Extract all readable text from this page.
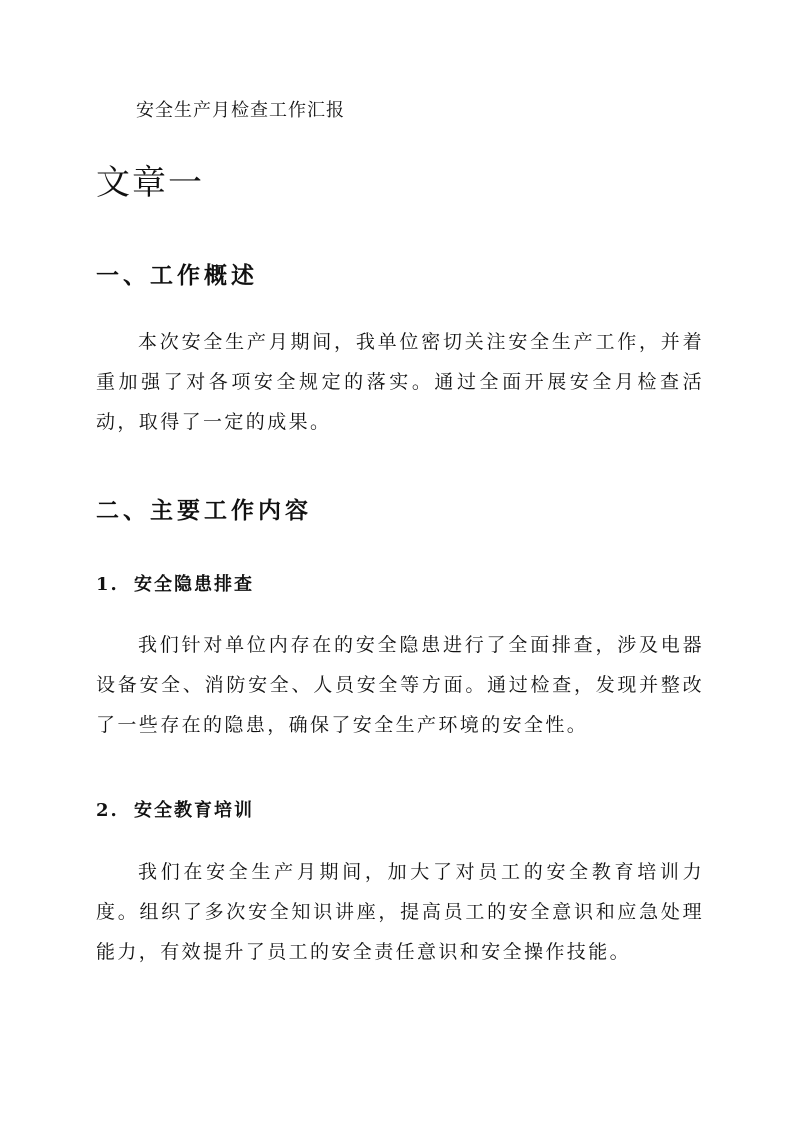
安全生产月检查工作汇报
文章一
一、工作概述

本次安全生产月期间，我单位密切关注安全生产工作，并着重加强了对各项安全规定的落实。通过全面开展安全月检查活动，取得了一定的成果。

二、主要工作内容
1. 安全隐患排查

我们针对单位内存在的安全隐患进行了全面排查，涉及电器设备安全、消防安全、人员安全等方面。通过检查，发现并整改了一些存在的隐患，确保了安全生产环境的安全性。

2. 安全教育培训

我们在安全生产月期间，加大了对员工的安全教育培训力度。组织了多次安全知识讲座，提高员工的安全意识和应急处理能力，有效提升了员工的安全责任意识和安全操作技能。
